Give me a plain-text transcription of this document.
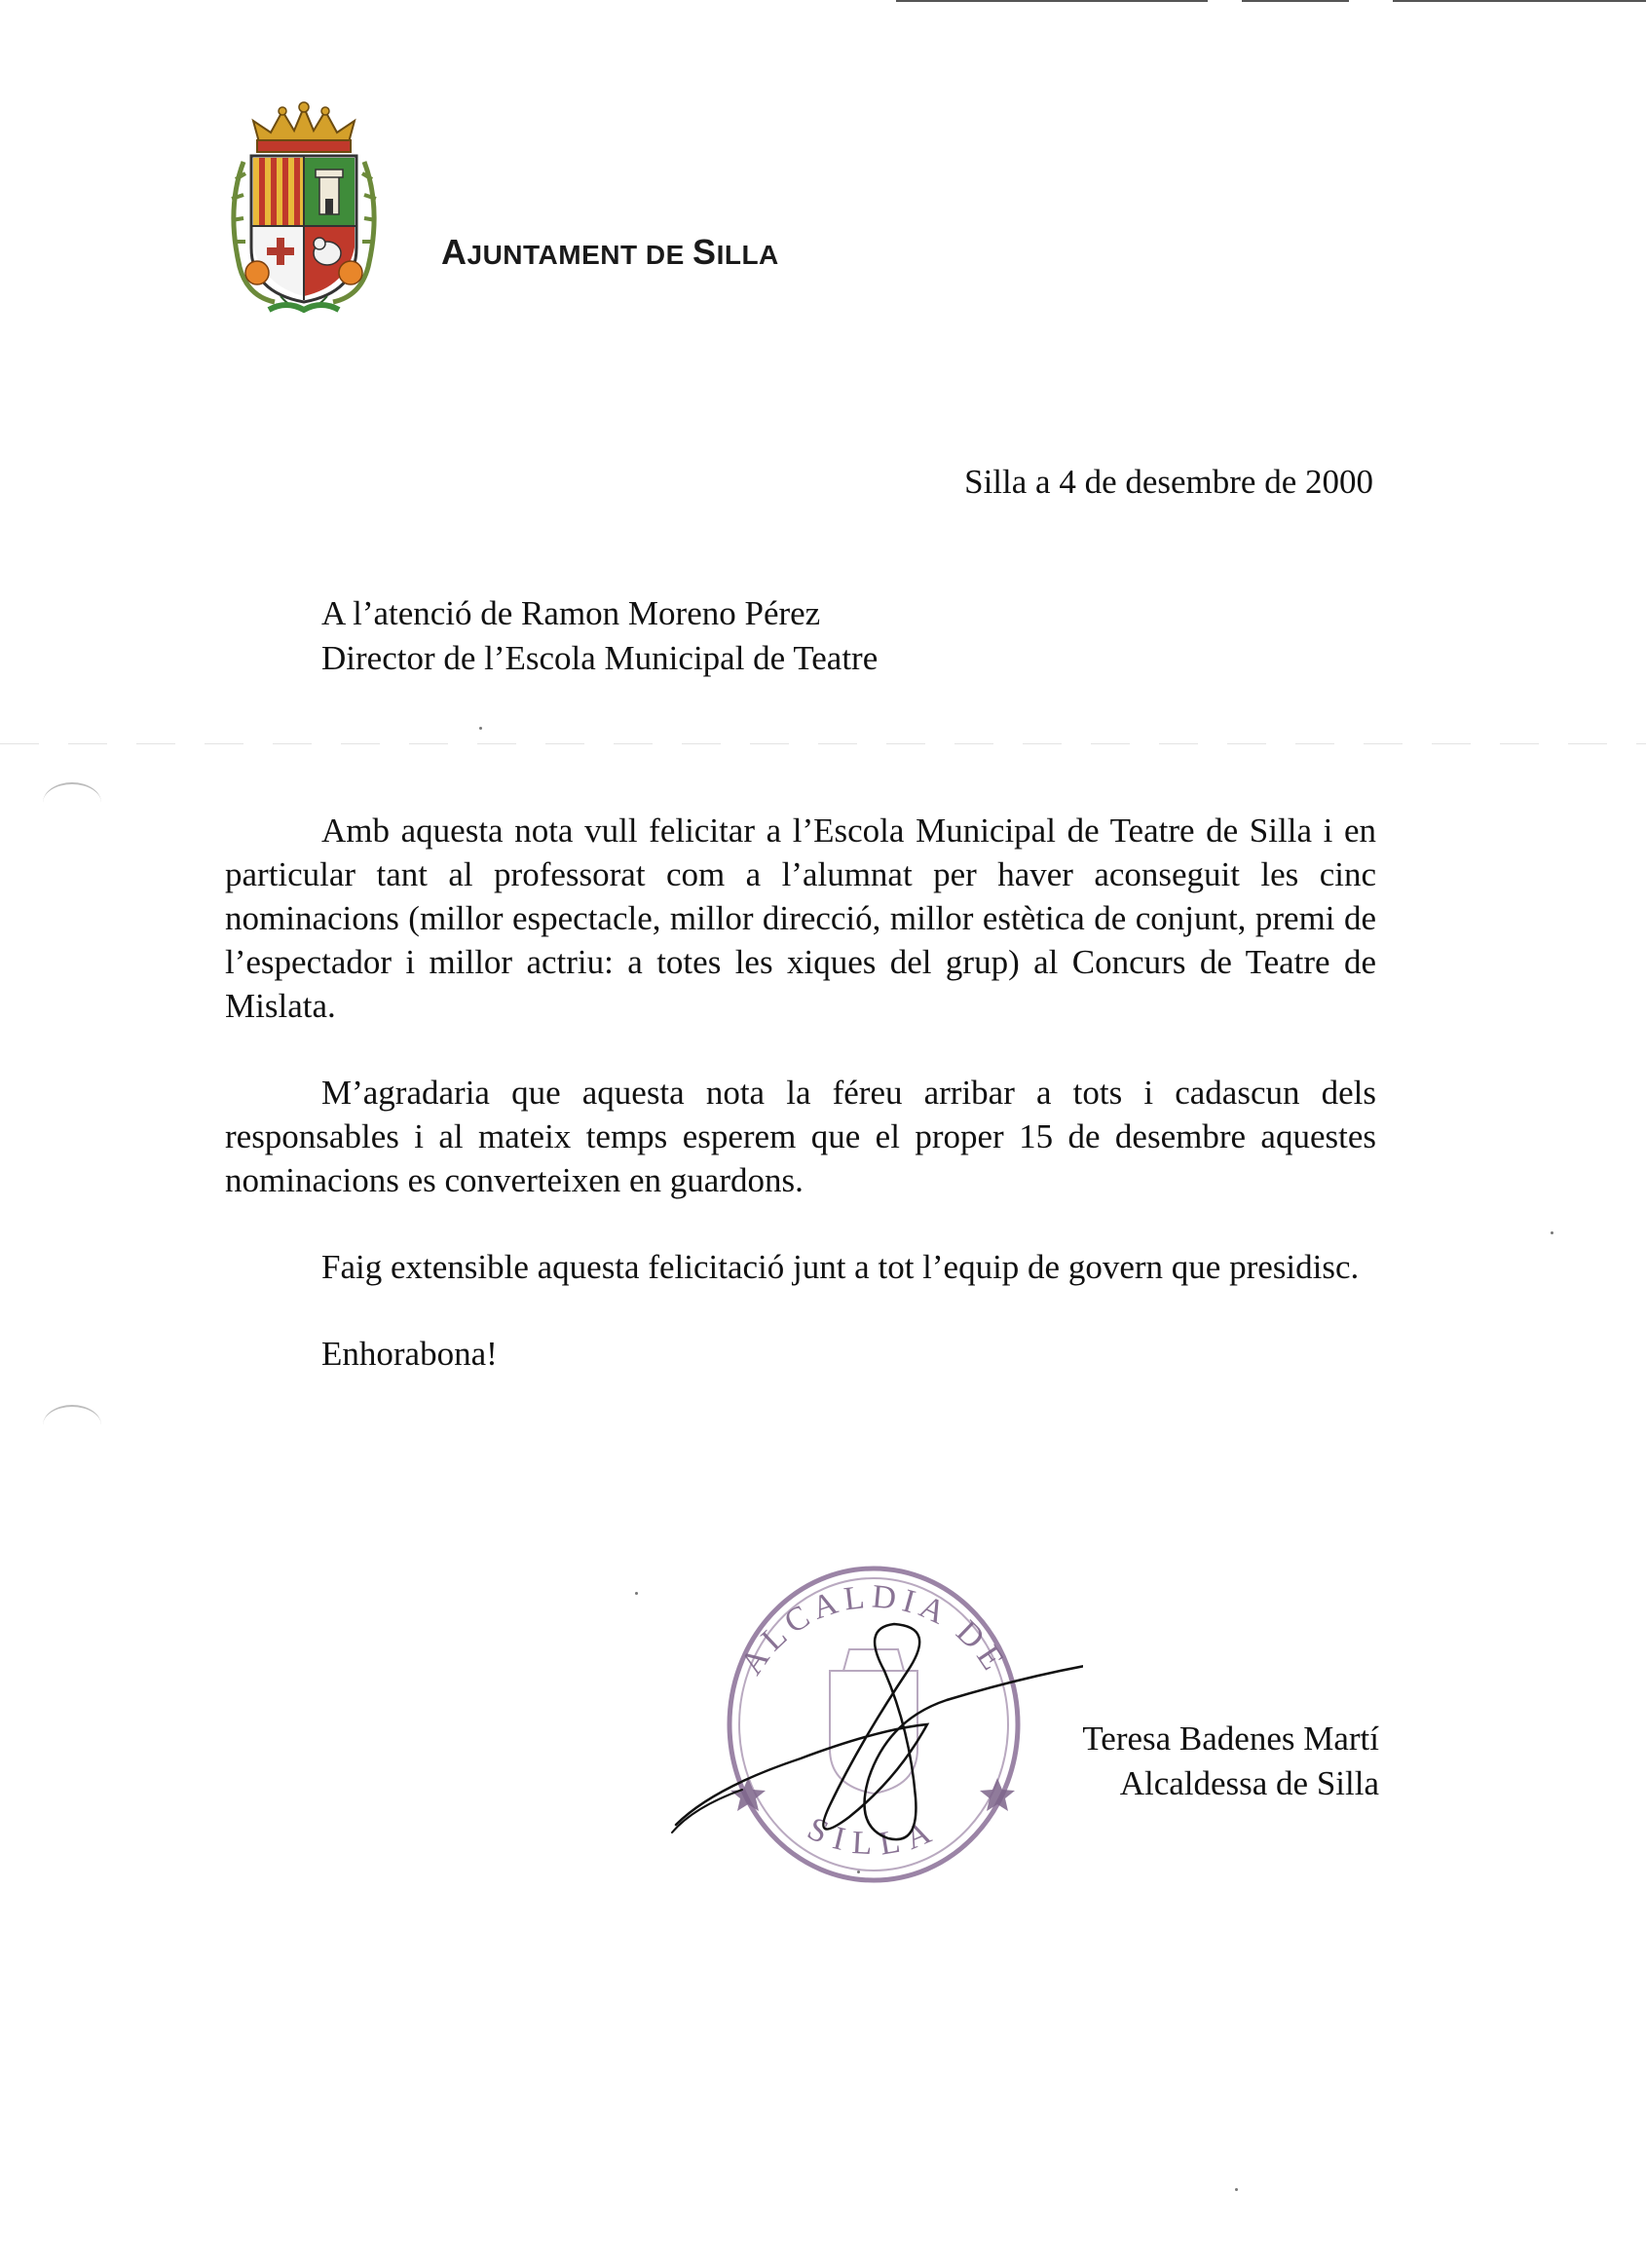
AJUNTAMENT DE SILLA
Silla a 4 de desembre de 2000
A l’atenció de Ramon Moreno Pérez
Director de l’Escola Municipal de Teatre

Amb aquesta nota vull felicitar a l’Escola Municipal de Teatre de Silla i en particular tant al professorat com a l’alumnat per haver aconseguit les cinc nominacions (millor espectacle, millor direcció, millor estètica de conjunt, premi de l’espectador i millor actriu: a totes les xiques del grup) al Concurs de Teatre de Mislata.

M’agradaria que aquesta nota la féreu arribar a tots i cadascun dels responsables i al mateix temps esperem que el proper 15 de desembre aquestes nominacions es converteixen en guardons.

Faig extensible aquesta felicitació junt a tot l’equip de govern que presidisc.

Enhorabona!

ALCALDIA DE
SILLA
Teresa Badenes Martí
Alcaldessa de Silla
